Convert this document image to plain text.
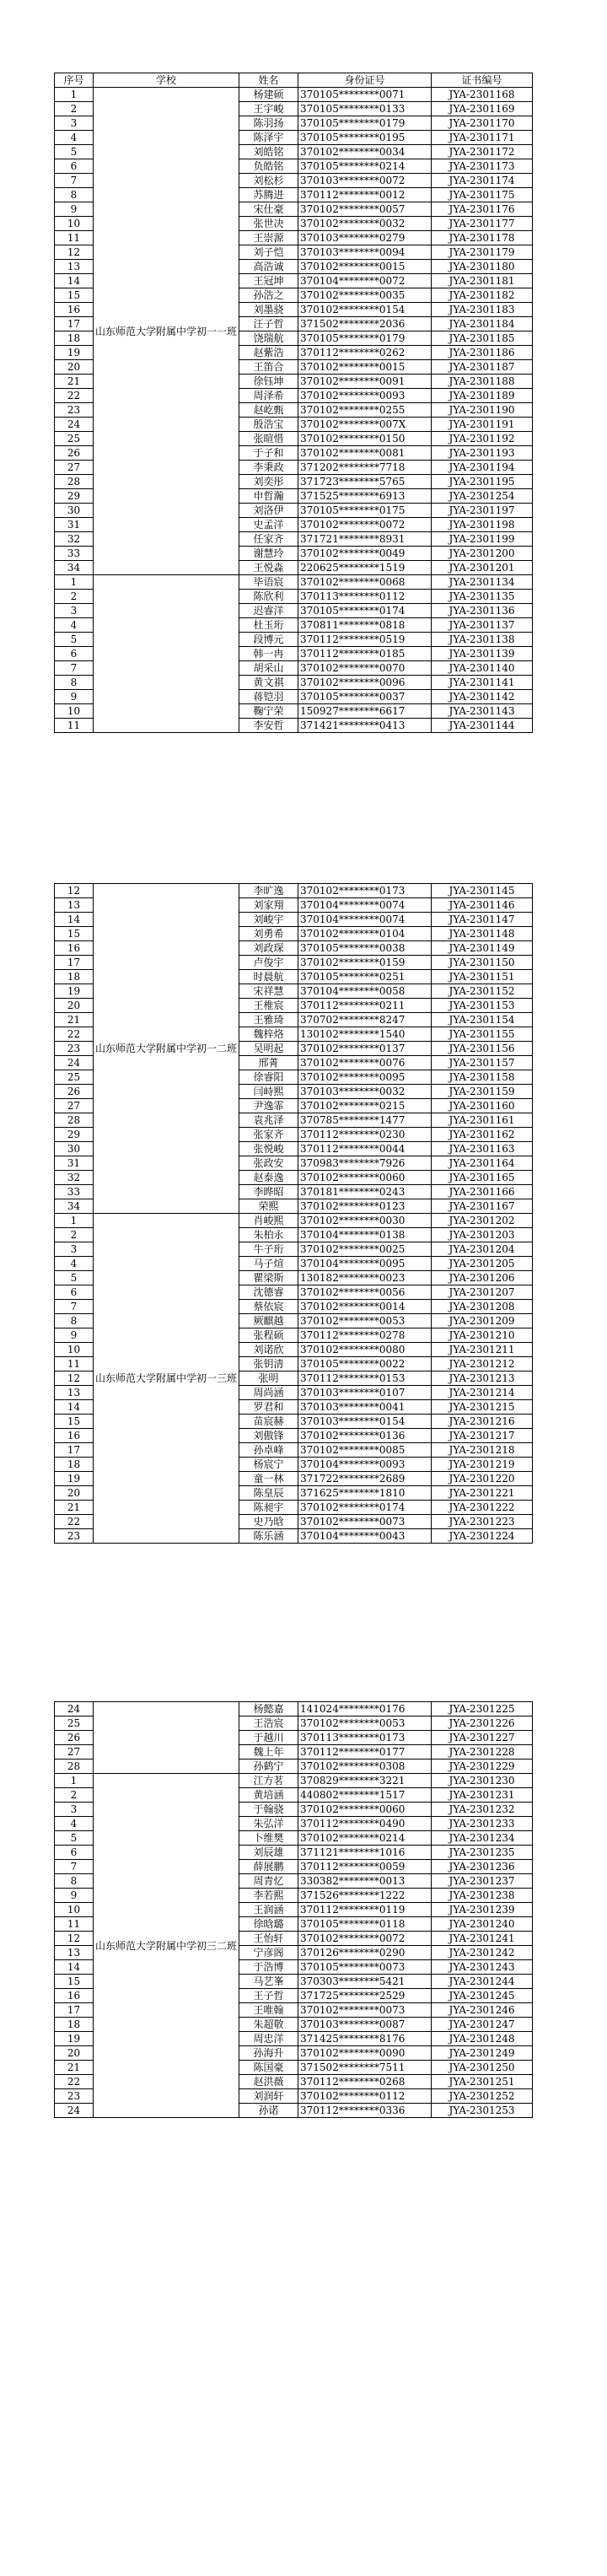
序号	学校	姓名	身份证号	证书编号
1	山东师范大学附属中学初一一班	杨建硕	370105********0071	JYA-2301168
2		王宇峻	370105********0133	JYA-2301169
3		陈羽扬	370105********0179	JYA-2301170
4		陈泽宇	370105********0195	JYA-2301171
5		刘皓铭	370102********0034	JYA-2301172
6		负皓铭	370105********0214	JYA-2301173
7		刘松杉	370103********0072	JYA-2301174
8		苏腾进	370112********0012	JYA-2301175
9		宋仕豪	370102********0057	JYA-2301176
10		张世决	370102********0032	JYA-2301177
11		王崇源	370103********0279	JYA-2301178
12		刘子恺	370103********0094	JYA-2301179
13		高浩诚	370102********0015	JYA-2301180
14		王冠坤	370104********0072	JYA-2301181
15		孙浩之	370102********0035	JYA-2301182
16		刘墨骁	370102********0154	JYA-2301183
17		汪子哲	371502********2036	JYA-2301184
18		饶瑞航	370105********0179	JYA-2301185
19		赵紫浩	370112********0262	JYA-2301186
20		王笛合	370102********0015	JYA-2301187
21		徐钰坤	370102********0091	JYA-2301188
22		周泽希	370102********0093	JYA-2301189
23		赵屹甄	370102********0255	JYA-2301190
24		殷浩宝	370102********007X	JYA-2301191
25		张暄惜	370102********0150	JYA-2301192
26		于子和	370102********0081	JYA-2301193
27		李秉政	371202********7718	JYA-2301194
28		刘奕彤	371723********5765	JYA-2301195
29		申哲瀚	371525********6913	JYA-2301254
30		刘洛伊	370105********0175	JYA-2301197
31		史孟洋	370102********0072	JYA-2301198
32		任家齐	371721********8931	JYA-2301199
33		谢慧玲	370102********0049	JYA-2301200
34		王悦淼	220625********1519	JYA-2301201
1		毕语宸	370102********0068	JYA-2301134
2		陈欣利	370113********0112	JYA-2301135
3		迟睿洋	370105********0174	JYA-2301136
4		杜玉珩	370811********0818	JYA-2301137
5		段博元	370112********0519	JYA-2301138
6		韩一冉	370112********0185	JYA-2301139
7		胡采山	370102********0070	JYA-2301140
8		黄文祺	370102********0096	JYA-2301141
9		蒋铠羽	370105********0037	JYA-2301142
10		鞠宁荣	150927********6617	JYA-2301143
11		李安哲	371421********0413	JYA-2301144
12	山东师范大学附属中学初一二班	李旷逸	370102********0173	JYA-2301145
13		刘家翔	370104********0074	JYA-2301146
14		刘峻宇	370104********0074	JYA-2301147
15		刘勇希	370102********0104	JYA-2301148
16		刘政琛	370105********0038	JYA-2301149
17		卢俊宇	370102********0159	JYA-2301150
18		时晨航	370105********0251	JYA-2301151
19		宋祥慧	370104********0058	JYA-2301152
20		王椎宸	370112********0211	JYA-2301153
21		王雅琦	370702********8247	JYA-2301154
22		魏梓烙	130102********1540	JYA-2301155
23		吴明起	370102********0137	JYA-2301156
24		邢菁	370102********0076	JYA-2301157
25		徐睿阳	370102********0095	JYA-2301158
26		闫峙熙	370103********0032	JYA-2301159
27		尹逸霏	370102********0215	JYA-2301160
28		袁兆泽	370785********1477	JYA-2301161
29		张家齐	370112********0230	JYA-2301162
30		张悦峻	370112********0044	JYA-2301163
31		张政安	370983********7926	JYA-2301164
32		赵泰逸	370102********0060	JYA-2301165
33		李晔昭	370181********0243	JYA-2301166
34		荣熙	370102********0123	JYA-2301167
1	山东师范大学附属中学初一三班	肖峻熙	370102********0030	JYA-2301202
2		朱柏永	370104********0138	JYA-2301203
3		牛子珩	370102********0025	JYA-2301204
4		马子煊	370104********0095	JYA-2301205
5		瞿梁斯	130182********0023	JYA-2301206
6		沈德睿	370102********0056	JYA-2301207
7		蔡依宸	370102********0014	JYA-2301208
8		厥麒越	370102********0053	JYA-2301209
9		张程硕	370112********0278	JYA-2301210
10		刘诺欣	370102********0080	JYA-2301211
11		张钥清	370105********0022	JYA-2301212
12		张明	370112********0153	JYA-2301213
13		周尚涵	370103********0107	JYA-2301214
14		罗君和	370103********0041	JYA-2301215
15		苗宸赫	370103********0154	JYA-2301216
16		刘傲锋	370102********0136	JYA-2301217
17		孙卓峰	370102********0085	JYA-2301218
18		杨宸宁	370104********0093	JYA-2301219
19		童一林	371722********2689	JYA-2301220
20		陈皇辰	371625********1810	JYA-2301221
21		陈昶宇	370102********0174	JYA-2301222
22		史乃晗	370102********0073	JYA-2301223
23		陈乐涵	370104********0043	JYA-2301224
24		杨懿嘉	141024********0176	JYA-2301225
25		王浩宸	370102********0053	JYA-2301226
26		于越川	370113********0173	JYA-2301227
27		魏上年	370112********0177	JYA-2301228
28		孙鹤宁	370102********0308	JYA-2301229
1	山东师范大学附属中学初三二班	江方茗	370829********3221	JYA-2301230
2		黄培涵	440802********1517	JYA-2301231
3		于翰骁	370102********0060	JYA-2301232
4		朱弘洋	370112********0490	JYA-2301233
5		卜维樊	370102********0214	JYA-2301234
6		刘辰雄	371121********1016	JYA-2301235
7		薛展鹏	370112********0059	JYA-2301236
8		周青忆	330382********0013	JYA-2301237
9		李若熙	371526********1222	JYA-2301238
10		王润涵	370112********0119	JYA-2301239
11		徐晗璐	370105********0118	JYA-2301240
12		王怡轩	370102********0072	JYA-2301241
13		宁彦阁	370126********0290	JYA-2301242
14		于浩博	370105********0073	JYA-2301243
15		马艺峯	370303********5421	JYA-2301244
16		王子哲	371725********2529	JYA-2301245
17		王唯翰	370102********0073	JYA-2301246
18		朱超敬	370103********0087	JYA-2301247
19		周忠洋	371425********8176	JYA-2301248
20		孙海升	370102********0090	JYA-2301249
21		陈国豪	371502********7511	JYA-2301250
22		赵洪薇	370112********0268	JYA-2301251
23		刘润轩	370102********0112	JYA-2301252
24		孙诺	370112********0336	JYA-2301253
